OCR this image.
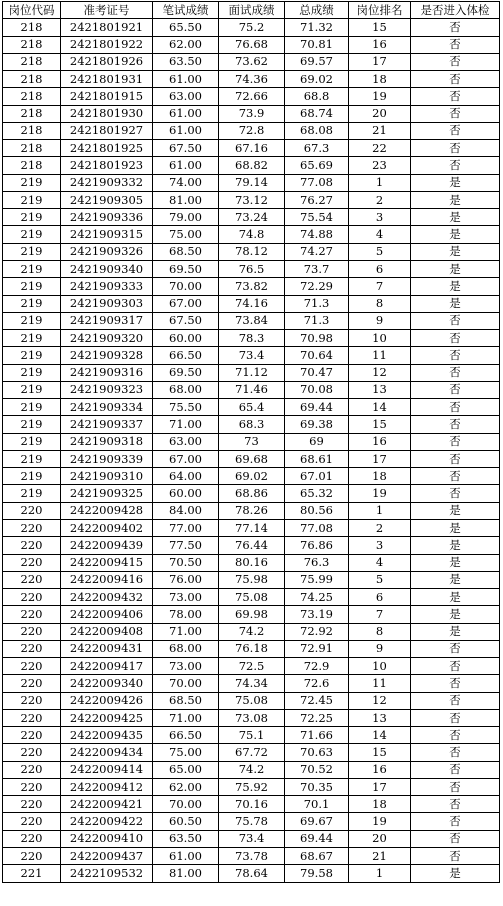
岗位代码	准考证号	笔试成绩	面试成绩	总成绩	岗位排名	是否进入体检
218	2421801921	65.50	75.2	71.32	15	否
218	2421801922	62.00	76.68	70.81	16	否
218	2421801926	63.50	73.62	69.57	17	否
218	2421801931	61.00	74.36	69.02	18	否
218	2421801915	63.00	72.66	68.8	19	否
218	2421801930	61.00	73.9	68.74	20	否
218	2421801927	61.00	72.8	68.08	21	否
218	2421801925	67.50	67.16	67.3	22	否
218	2421801923	61.00	68.82	65.69	23	否
219	2421909332	74.00	79.14	77.08	1	是
219	2421909305	81.00	73.12	76.27	2	是
219	2421909336	79.00	73.24	75.54	3	是
219	2421909315	75.00	74.8	74.88	4	是
219	2421909326	68.50	78.12	74.27	5	是
219	2421909340	69.50	76.5	73.7	6	是
219	2421909333	70.00	73.82	72.29	7	是
219	2421909303	67.00	74.16	71.3	8	是
219	2421909317	67.50	73.84	71.3	9	否
219	2421909320	60.00	78.3	70.98	10	否
219	2421909328	66.50	73.4	70.64	11	否
219	2421909316	69.50	71.12	70.47	12	否
219	2421909323	68.00	71.46	70.08	13	否
219	2421909334	75.50	65.4	69.44	14	否
219	2421909337	71.00	68.3	69.38	15	否
219	2421909318	63.00	73	69	16	否
219	2421909339	67.00	69.68	68.61	17	否
219	2421909310	64.00	69.02	67.01	18	否
219	2421909325	60.00	68.86	65.32	19	否
220	2422009428	84.00	78.26	80.56	1	是
220	2422009402	77.00	77.14	77.08	2	是
220	2422009439	77.50	76.44	76.86	3	是
220	2422009415	70.50	80.16	76.3	4	是
220	2422009416	76.00	75.98	75.99	5	是
220	2422009432	73.00	75.08	74.25	6	是
220	2422009406	78.00	69.98	73.19	7	是
220	2422009408	71.00	74.2	72.92	8	是
220	2422009431	68.00	76.18	72.91	9	否
220	2422009417	73.00	72.5	72.9	10	否
220	2422009340	70.00	74.34	72.6	11	否
220	2422009426	68.50	75.08	72.45	12	否
220	2422009425	71.00	73.08	72.25	13	否
220	2422009435	66.50	75.1	71.66	14	否
220	2422009434	75.00	67.72	70.63	15	否
220	2422009414	65.00	74.2	70.52	16	否
220	2422009412	62.00	75.92	70.35	17	否
220	2422009421	70.00	70.16	70.1	18	否
220	2422009422	60.50	75.78	69.67	19	否
220	2422009410	63.50	73.4	69.44	20	否
220	2422009437	61.00	73.78	68.67	21	否
221	2422109532	81.00	78.64	79.58	1	是
